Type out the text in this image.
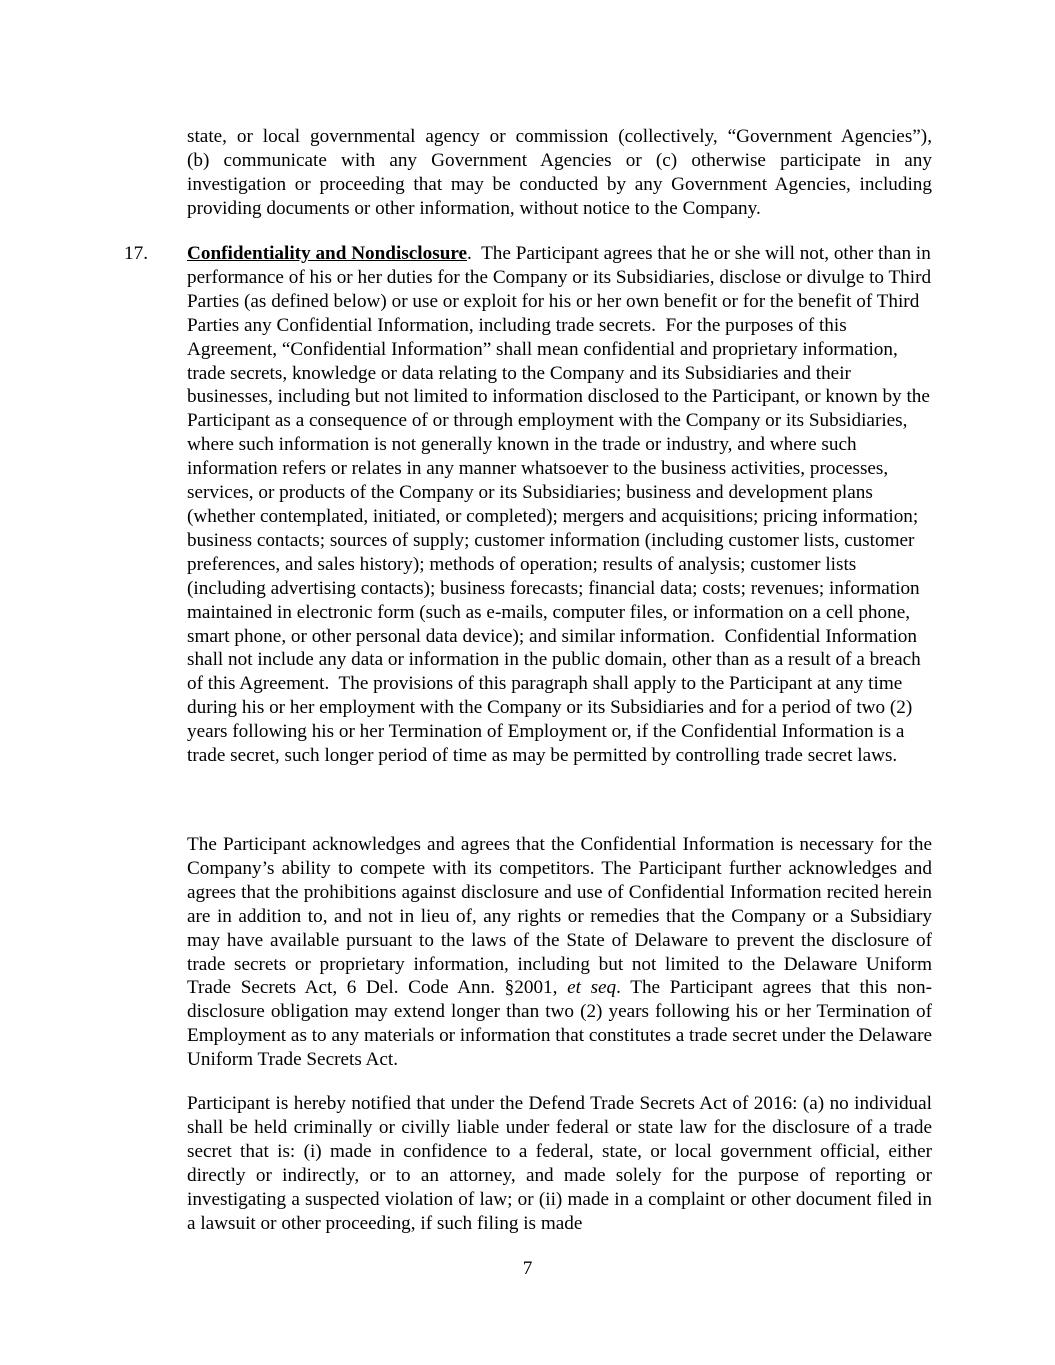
state, or local governmental agency or commission (collectively, “Government Agencies”), (b) communicate with any Government Agencies or (c) otherwise participate in any investigation or proceeding that may be conducted by any Government Agencies, including providing documents or other information, without notice to the Company.

17. Confidentiality and Nondisclosure.  The Participant agrees that he or she will not, other than in performance of his or her duties for the Company or its Subsidiaries, disclose or divulge to Third Parties (as defined below) or use or exploit for his or her own benefit or for the benefit of Third Parties any Confidential Information, including trade secrets.  For the purposes of this Agreement, “Confidential Information” shall mean confidential and proprietary information, trade secrets, knowledge or data relating to the Company and its Subsidiaries and their businesses, including but not limited to information disclosed to the Participant, or known by the Participant as a consequence of or through employment with the Company or its Subsidiaries, where such information is not generally known in the trade or industry, and where such information refers or relates in any manner whatsoever to the business activities, processes, services, or products of the Company or its Subsidiaries; business and development plans (whether contemplated, initiated, or completed); mergers and acquisitions; pricing information; business contacts; sources of supply; customer information (including customer lists, customer preferences, and sales history); methods of operation; results of analysis; customer lists (including advertising contacts); business forecasts; financial data; costs; revenues; information maintained in electronic form (such as e-mails, computer files, or information on a cell phone, smart phone, or other personal data device); and similar information.  Confidential Information shall not include any data or information in the public domain, other than as a result of a breach of this Agreement.  The provisions of this paragraph shall apply to the Participant at any time during his or her employment with the Company or its Subsidiaries and for a period of two (2) years following his or her Termination of Employment or, if the Confidential Information is a trade secret, such longer period of time as may be permitted by controlling trade secret laws.

The Participant acknowledges and agrees that the Confidential Information is necessary for the Company’s ability to compete with its competitors. The Participant further acknowledges and agrees that the prohibitions against disclosure and use of Confidential Information recited herein are in addition to, and not in lieu of, any rights or remedies that the Company or a Subsidiary may have available pursuant to the laws of the State of Delaware to prevent the disclosure of trade secrets or proprietary information, including but not limited to the Delaware Uniform Trade Secrets Act, 6 Del. Code Ann. §2001, et seq. The Participant agrees that this non-disclosure obligation may extend longer than two (2) years following his or her Termination of Employment as to any materials or information that constitutes a trade secret under the Delaware Uniform Trade Secrets Act.

Participant is hereby notified that under the Defend Trade Secrets Act of 2016: (a) no individual shall be held criminally or civilly liable under federal or state law for the disclosure of a trade secret that is: (i) made in confidence to a federal, state, or local government official, either directly or indirectly, or to an attorney, and made solely for the purpose of reporting or investigating a suspected violation of law; or (ii) made in a complaint or other document filed in a lawsuit or other proceeding, if such filing is made

7
